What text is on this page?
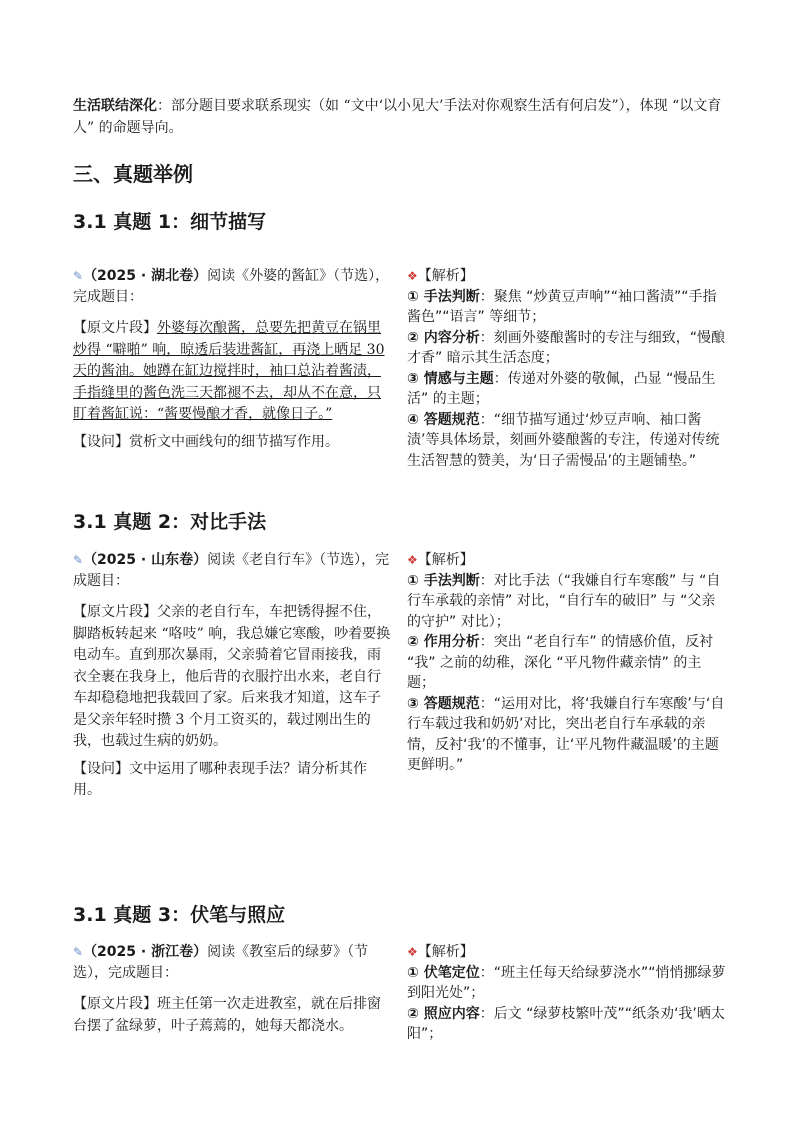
生活联结深化：部分题目要求联系现实（如 “文中‘以小见大’手法对你观察生活有何启发”），体现 “以文育人” 的命题导向。
三、真题举例
3.1 真题 1：细节描写
✎（2025 · 湖北卷）阅读《外婆的酱缸》（节选），完成题目：
【原文片段】外婆每次酿酱，总要先把黄豆在锅里炒得 “噼啪” 响，晾透后装进酱缸，再浇上晒足 30 天的酱油。她蹲在缸边搅拌时，袖口总沾着酱渍，手指缝里的酱色洗三天都褪不去，却从不在意，只盯着酱缸说：“酱要慢酿才香，就像日子。”
【设问】赏析文中画线句的细节描写作用。
❖【解析】
① 手法判断：聚焦 “炒黄豆声响”“袖口酱渍”“手指酱色”“语言” 等细节；
② 内容分析：刻画外婆酿酱时的专注与细致，“慢酿才香” 暗示其生活态度；
③ 情感与主题：传递对外婆的敬佩，凸显 “慢品生活” 的主题；
④ 答题规范：“细节描写通过‘炒豆声响、袖口酱渍’等具体场景，刻画外婆酿酱的专注，传递对传统生活智慧的赞美，为‘日子需慢品’的主题铺垫。”
3.1 真题 2：对比手法
✎（2025 · 山东卷）阅读《老自行车》（节选），完成题目：
【原文片段】父亲的老自行车，车把锈得握不住，脚踏板转起来 “咯吱” 响，我总嫌它寒酸，吵着要换电动车。直到那次暴雨，父亲骑着它冒雨接我，雨衣全裹在我身上，他后背的衣服拧出水来，老自行车却稳稳地把我载回了家。后来我才知道，这车子是父亲年轻时攒 3 个月工资买的，载过刚出生的我，也载过生病的奶奶。
【设问】文中运用了哪种表现手法？请分析其作用。
❖【解析】
① 手法判断：对比手法（“我嫌自行车寒酸” 与 “自行车承载的亲情” 对比，“自行车的破旧” 与 “父亲的守护” 对比）；
② 作用分析：突出 “老自行车” 的情感价值，反衬 “我” 之前的幼稚，深化 “平凡物件藏亲情” 的主题；
③ 答题规范：“运用对比，将‘我嫌自行车寒酸’与‘自行车载过我和奶奶’对比，突出老自行车承载的亲情，反衬‘我’的不懂事，让‘平凡物件藏温暖’的主题更鲜明。”
3.1 真题 3：伏笔与照应
✎（2025 · 浙江卷）阅读《教室后的绿萝》（节选），完成题目：
【原文片段】班主任第一次走进教室，就在后排窗台摆了盆绿萝，叶子蔫蔫的，她每天都浇水。
❖【解析】
① 伏笔定位：“班主任每天给绿萝浇水”“悄悄挪绿萝到阳光处”；
② 照应内容：后文 “绿萝枝繁叶茂”“纸条劝‘我’晒太阳”；
